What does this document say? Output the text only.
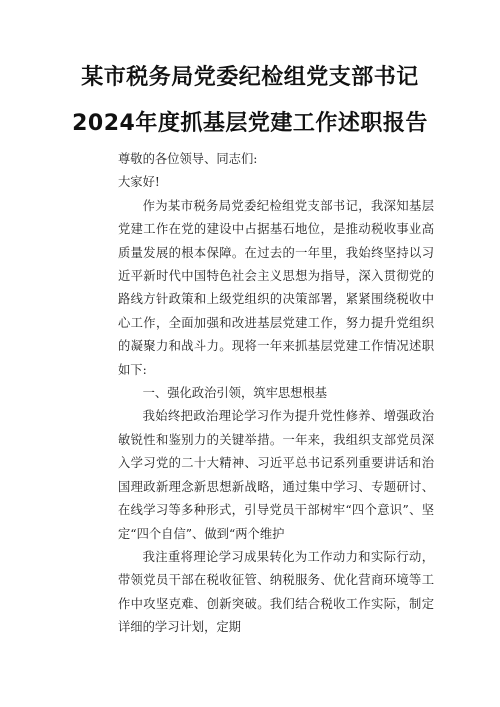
某市税务局党委纪检组党支部书记
2024年度抓基层党建工作述职报告

尊敬的各位领导、同志们:

大家好!

作为某市税务局党委纪检组党支部书记，我深知基层党建工作在党的建设中占据基石地位，是推动税收事业高质量发展的根本保障。在过去的一年里，我始终坚持以习近平新时代中国特色社会主义思想为指导，深入贯彻党的路线方针政策和上级党组织的决策部署，紧紧围绕税收中心工作，全面加强和改进基层党建工作，努力提升党组织的凝聚力和战斗力。现将一年来抓基层党建工作情况述职如下:

一、强化政治引领，筑牢思想根基

我始终把政治理论学习作为提升党性修养、增强政治敏锐性和鉴别力的关键举措。一年来，我组织支部党员深入学习党的二十大精神、习近平总书记系列重要讲话和治国理政新理念新思想新战略，通过集中学习、专题研讨、在线学习等多种形式，引导党员干部树牢“四个意识”、坚定“四个自信”、做到“两个维护

我注重将理论学习成果转化为工作动力和实际行动，带领党员干部在税收征管、纳税服务、优化营商环境等工作中攻坚克难、创新突破。我们结合税收工作实际，制定详细的学习计划，定期
